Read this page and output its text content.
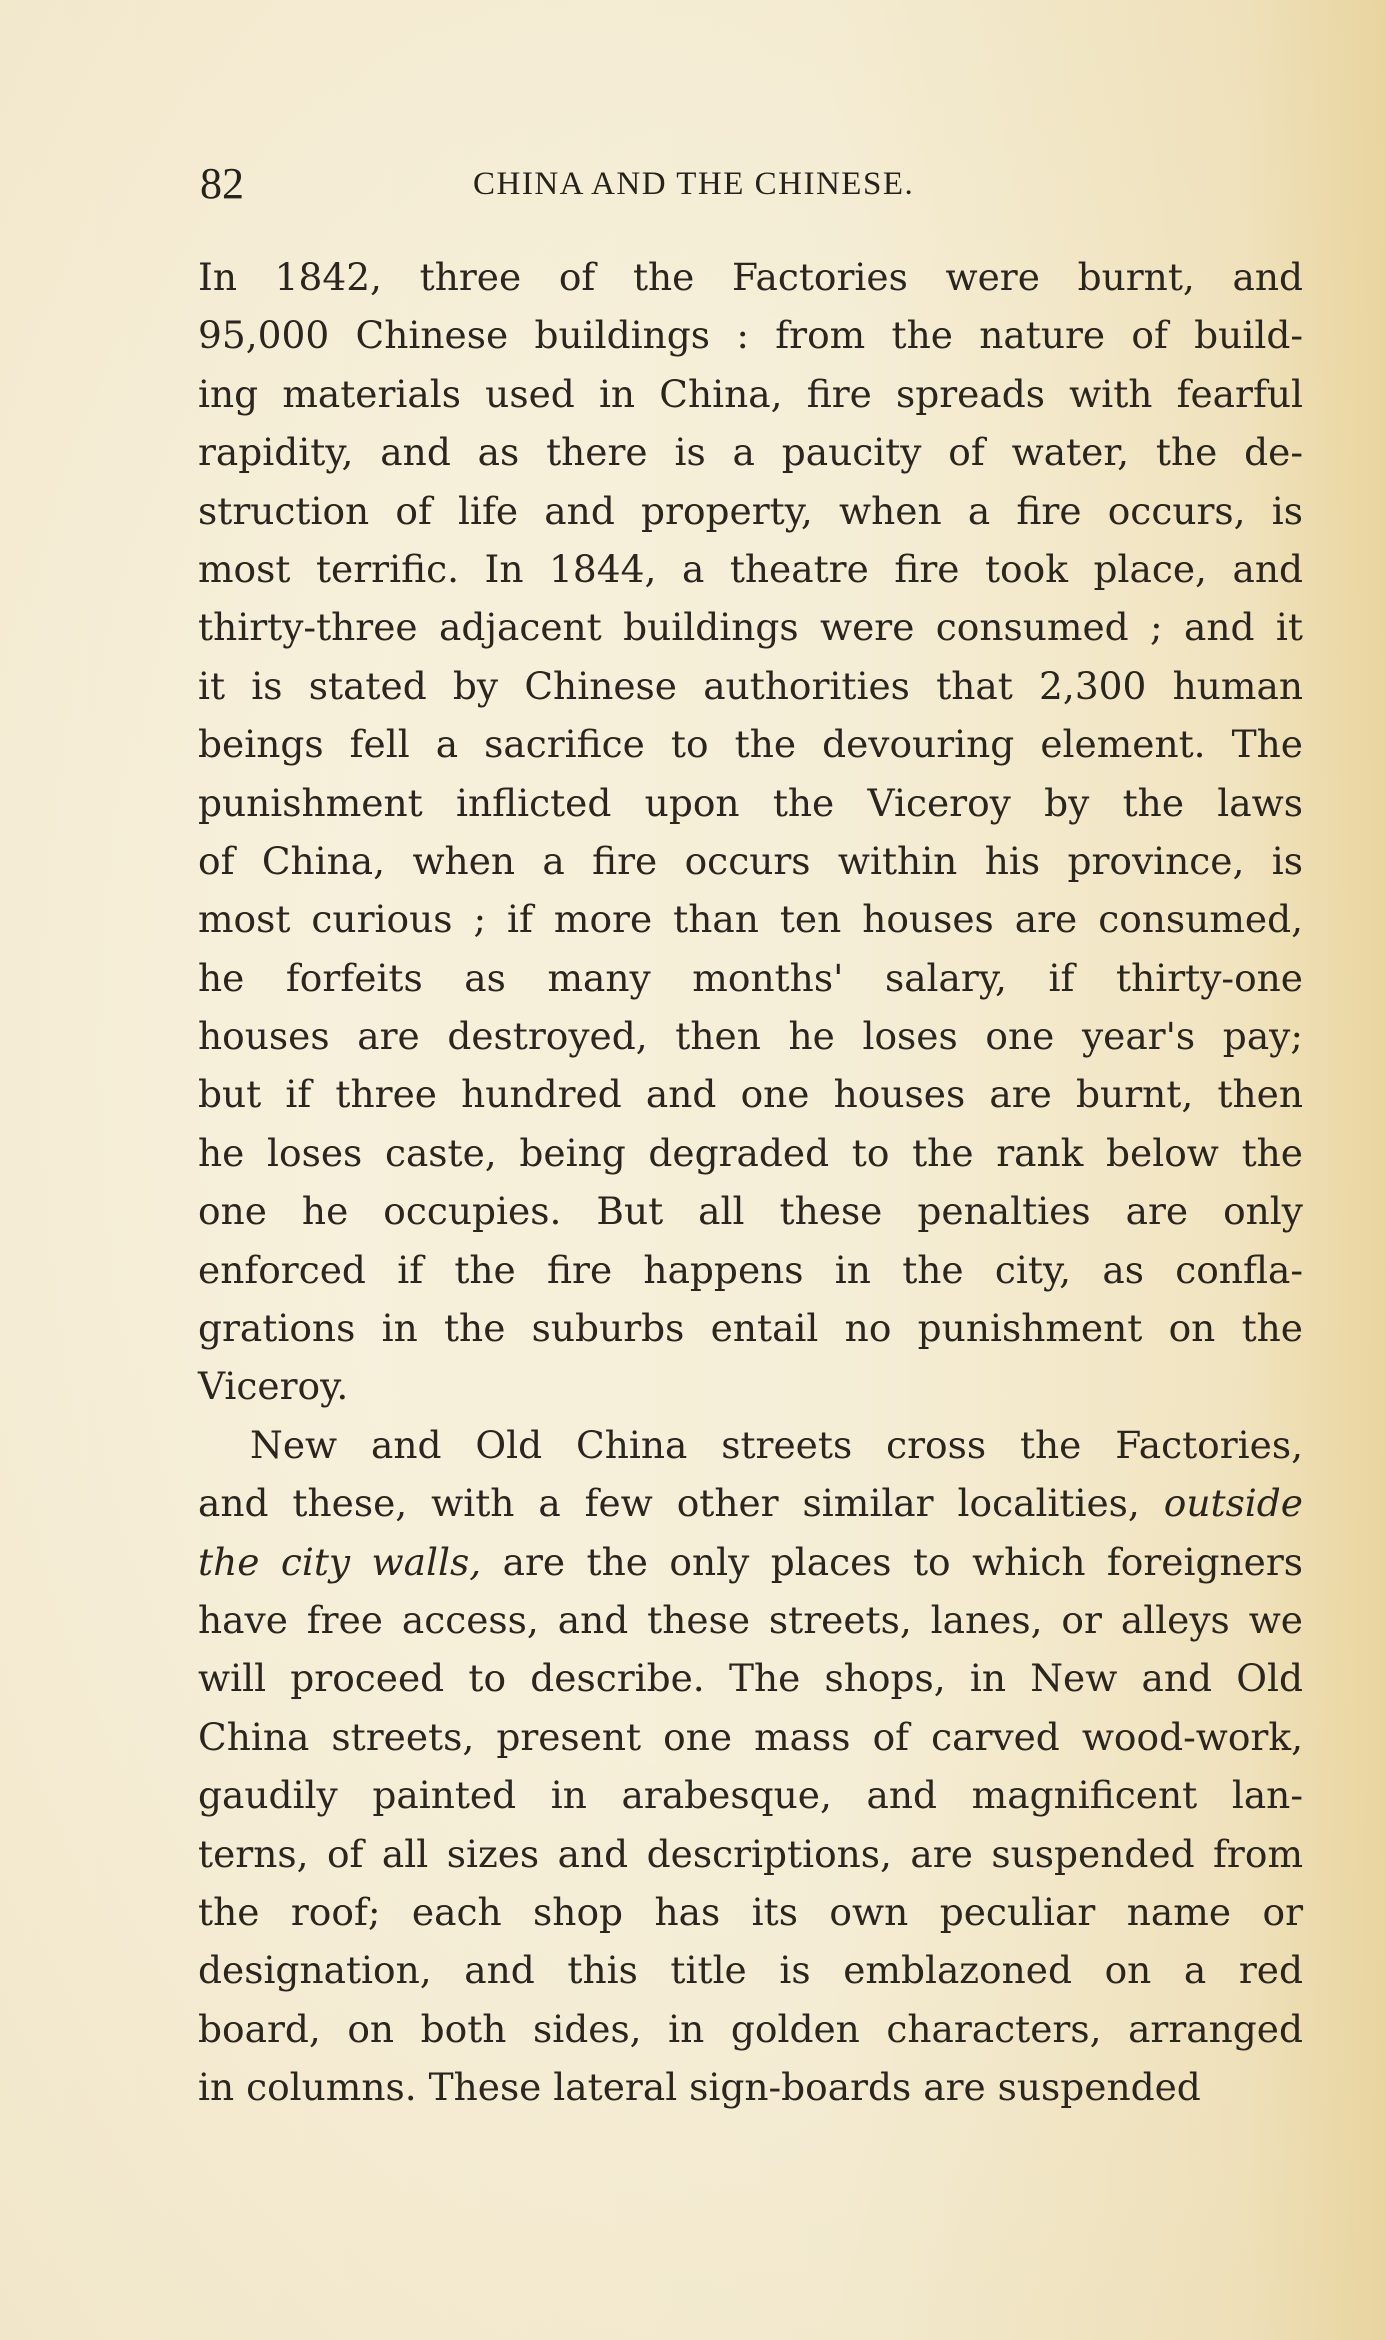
82	CHINA AND THE CHINESE.
In 1842, three of the Factories were burnt, and
95,000 Chinese buildings : from the nature of build-
ing materials used in China, fire spreads with fearful
rapidity, and as there is a paucity of water, the de-
struction of life and property, when a fire occurs, is
most terrific. In 1844, a theatre fire took place, and
thirty-three adjacent buildings were consumed ; and it
it is stated by Chinese authorities that 2,300 human
beings fell a sacrifice to the devouring element. The
punishment inflicted upon the Viceroy by the laws
of China, when a fire occurs within his province, is
most curious ; if more than ten houses are consumed,
he forfeits as many months' salary, if thirty-one
houses are destroyed, then he loses one year's pay;
but if three hundred and one houses are burnt, then
he loses caste, being degraded to the rank below the
one he occupies. But all these penalties are only
enforced if the fire happens in the city, as confla-
grations in the suburbs entail no punishment on the
Viceroy.
New and Old China streets cross the Factories,
and these, with a few other similar localities, outside
the city walls, are the only places to which foreigners
have free access, and these streets, lanes, or alleys we
will proceed to describe. The shops, in New and Old
China streets, present one mass of carved wood-work,
gaudily painted in arabesque, and magnificent lan-
terns, of all sizes and descriptions, are suspended from
the roof; each shop has its own peculiar name or
designation, and this title is emblazoned on a red
board, on both sides, in golden characters, arranged
in columns. These lateral sign-boards are suspended
